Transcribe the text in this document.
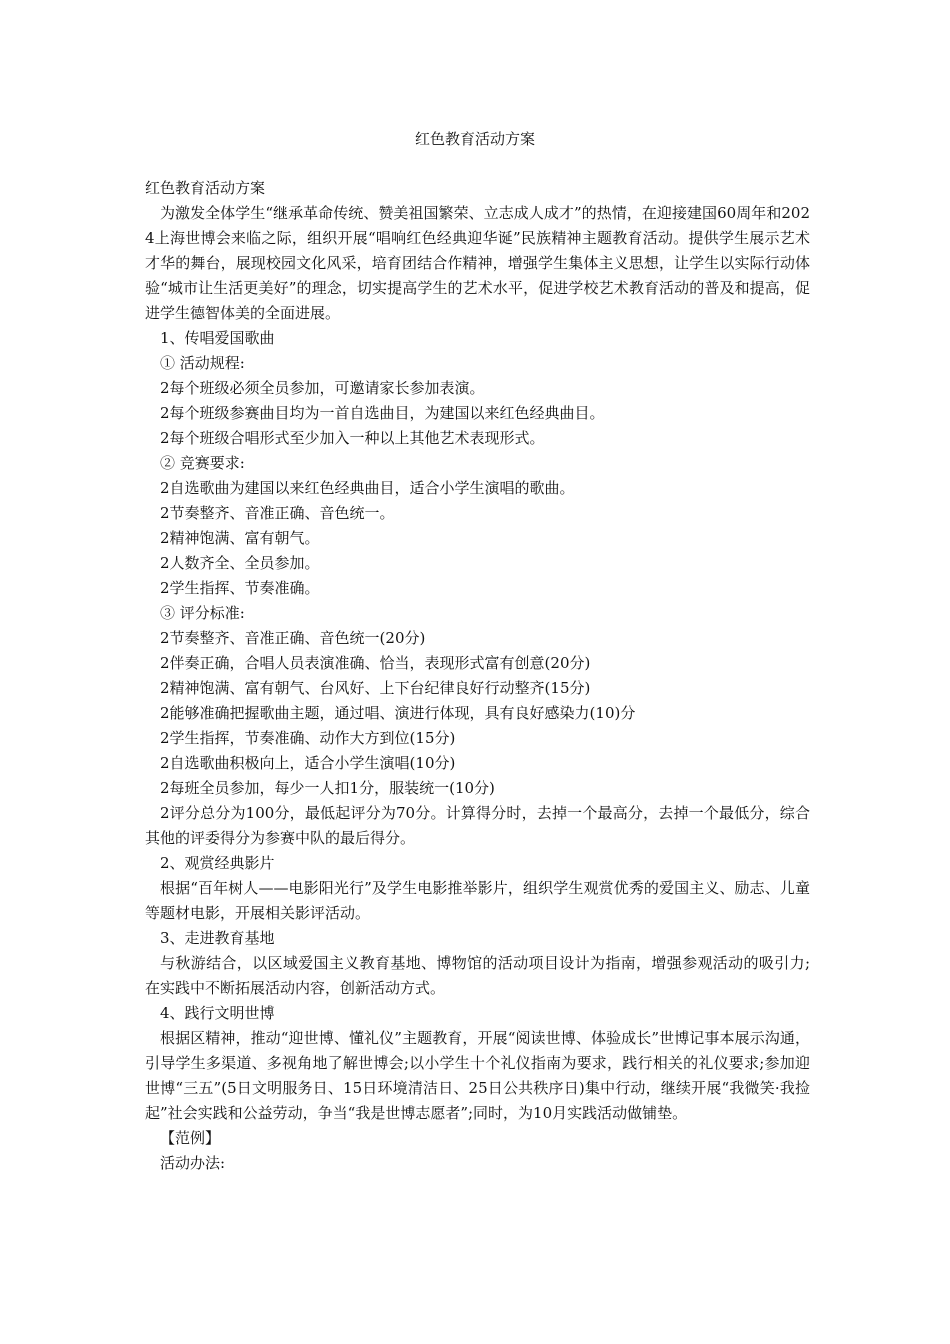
红色教育活动方案

红色教育活动方案

为激发全体学生“继承革命传统、赞美祖国繁荣、立志成人成才”的热情，在迎接建国60周年和2024上海世博会来临之际，组织开展“唱响红色经典迎华诞”民族精神主题教育活动。提供学生展示艺术才华的舞台，展现校园文化风采，培育团结合作精神，增强学生集体主义思想，让学生以实际行动体验“城市让生活更美好”的理念，切实提高学生的艺术水平，促进学校艺术教育活动的普及和提高，促进学生德智体美的全面进展。

1、传唱爱国歌曲

① 活动规程:

2每个班级必须全员参加，可邀请家长参加表演。

2每个班级参赛曲目均为一首自选曲目，为建国以来红色经典曲目。

2每个班级合唱形式至少加入一种以上其他艺术表现形式。

② 竞赛要求:

2自选歌曲为建国以来红色经典曲目，适合小学生演唱的歌曲。

2节奏整齐、音准正确、音色统一。

2精神饱满、富有朝气。

2人数齐全、全员参加。

2学生指挥、节奏准确。

③ 评分标准:

2节奏整齐、音准正确、音色统一(20分)

2伴奏正确，合唱人员表演准确、恰当，表现形式富有创意(20分)

2精神饱满、富有朝气、台风好、上下台纪律良好行动整齐(15分)

2能够准确把握歌曲主题，通过唱、演进行体现，具有良好感染力(10)分

2学生指挥，节奏准确、动作大方到位(15分)

2自选歌曲积极向上，适合小学生演唱(10分)

2每班全员参加，每少一人扣1分，服装统一(10分)

2评分总分为100分，最低起评分为70分。计算得分时，去掉一个最高分，去掉一个最低分，综合其他的评委得分为参赛中队的最后得分。

2、观赏经典影片

根据“百年树人——电影阳光行”及学生电影推举影片，组织学生观赏优秀的爱国主义、励志、儿童等题材电影，开展相关影评活动。

3、走进教育基地

与秋游结合，以区域爱国主义教育基地、博物馆的活动项目设计为指南，增强参观活动的吸引力;在实践中不断拓展活动内容，创新活动方式。

4、践行文明世博

根据区精神，推动“迎世博、懂礼仪”主题教育，开展“阅读世博、体验成长”世博记事本展示沟通，引导学生多渠道、多视角地了解世博会;以小学生十个礼仪指南为要求，践行相关的礼仪要求;参加迎世博“三五”(5日文明服务日、15日环境清洁日、25日公共秩序日)集中行动，继续开展“我微笑·我捡起”社会实践和公益劳动，争当“我是世博志愿者”;同时，为10月实践活动做铺垫。

【范例】

活动办法:
